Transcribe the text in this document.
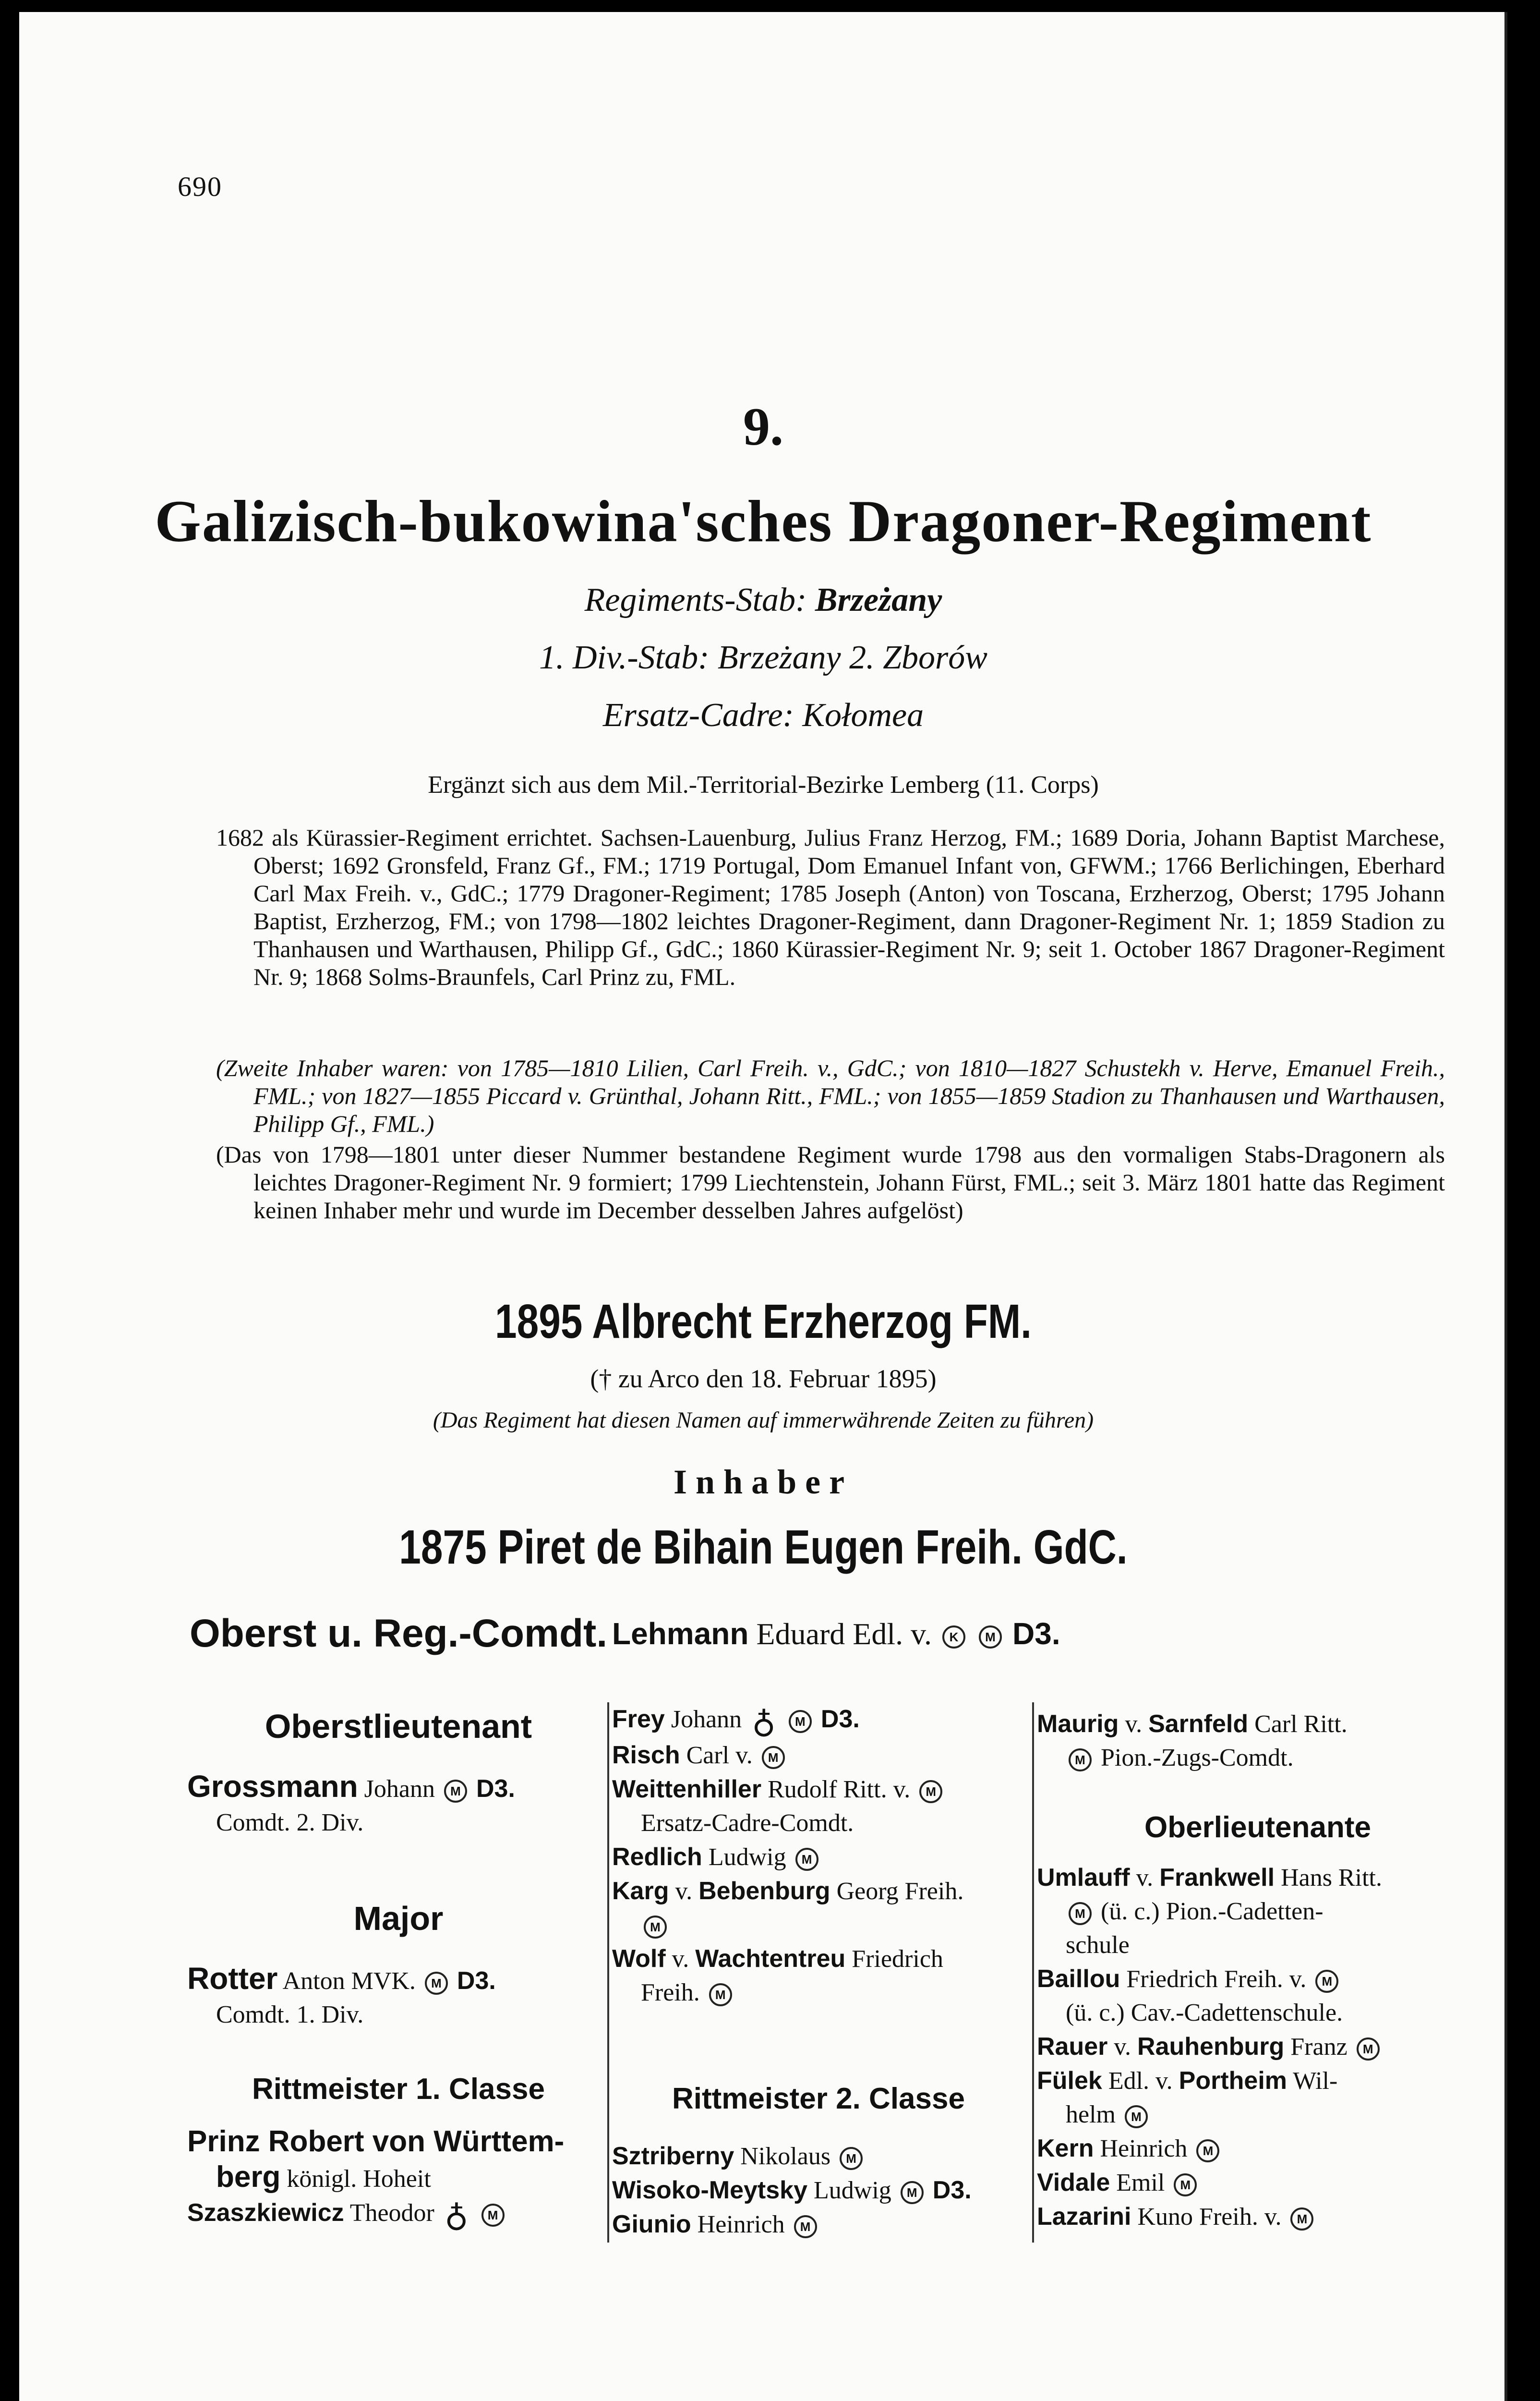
690
9.
Galizisch-bukowina'sches Dragoner-Regiment
Regiments-Stab: Brzeżany
1. Div.-Stab: Brzeżany 2. Zborów
Ersatz-Cadre: Kołomea
Ergänzt sich aus dem Mil.-Territorial-Bezirke Lemberg (11. Corps)
1682 als Kürassier-Regiment errichtet. Sachsen-Lauenburg, Julius Franz Herzog, FM.; 1689 Doria, Johann Baptist Marchese, Oberst; 1692 Gronsfeld, Franz Gf., FM.; 1719 Portugal, Dom Emanuel Infant von, GFWM.; 1766 Berlichingen, Eberhard Carl Max Freih. v., GdC.; 1779 Dragoner-Regiment; 1785 Joseph (Anton) von Toscana, Erzherzog, Oberst; 1795 Johann Baptist, Erzherzog, FM.; von 1798—1802 leichtes Dragoner-Regiment, dann Dragoner-Regiment Nr. 1; 1859 Stadion zu Thanhausen und Warthausen, Philipp Gf., GdC.; 1860 Kürassier-Regiment Nr. 9; seit 1. October 1867 Dragoner-Regiment Nr. 9; 1868 Solms-Braunfels, Carl Prinz zu, FML.
(Zweite Inhaber waren: von 1785—1810 Lilien, Carl Freih. v., GdC.; von 1810—1827 Schustekh v. Herve, Emanuel Freih., FML.; von 1827—1855 Piccard v. Grünthal, Johann Ritt., FML.; von 1855—1859 Stadion zu Thanhausen und Warthausen, Philipp Gf., FML.)
(Das von 1798—1801 unter dieser Nummer bestandene Regiment wurde 1798 aus den vormaligen Stabs-Dragonern als leichtes Dragoner-Regiment Nr. 9 formiert; 1799 Liechtenstein, Johann Fürst, FML.; seit 3. März 1801 hatte das Regiment keinen Inhaber mehr und wurde im December desselben Jahres aufgelöst)
1895 Albrecht Erzherzog FM.
(† zu Arco den 18. Februar 1895)
(Das Regiment hat diesen Namen auf immerwährende Zeiten zu führen)
Inhaber
1875 Piret de Bihain Eugen Freih. GdC.
Oberst u. Reg.-Comdt. Lehmann Eduard Edl. v. K M D3.
Oberstlieutenant
Grossmann Johann M D3.
Comdt. 2. Div.
Major
Rotter Anton MVK. M D3.
Comdt. 1. Div.
Rittmeister 1. Classe
Prinz Robert von Württem-
berg königl. Hoheit
Szaszkiewicz Theodor ♁ M
Frey Johann ♁ M D3.
Risch Carl v. M
Weittenhiller Rudolf Ritt. v. M
Ersatz-Cadre-Comdt.
Redlich Ludwig M
Karg v. Bebenburg Georg Freih.
M
Wolf v. Wachtentreu Friedrich
Freih. M
Rittmeister 2. Classe
Sztriberny Nikolaus M
Wisoko-Meytsky Ludwig M D3.
Giunio Heinrich M
Maurig v. Sarnfeld Carl Ritt.
M Pion.-Zugs-Comdt.
Oberlieutenante
Umlauff v. Frankwell Hans Ritt.
M (ü. c.) Pion.-Cadetten-
schule
Baillou Friedrich Freih. v. M
(ü. c.) Cav.-Cadettenschule.
Rauer v. Rauhenburg Franz M
Fülek Edl. v. Portheim Wil-
helm M
Kern Heinrich M
Vidale Emil M
Lazarini Kuno Freih. v. M
